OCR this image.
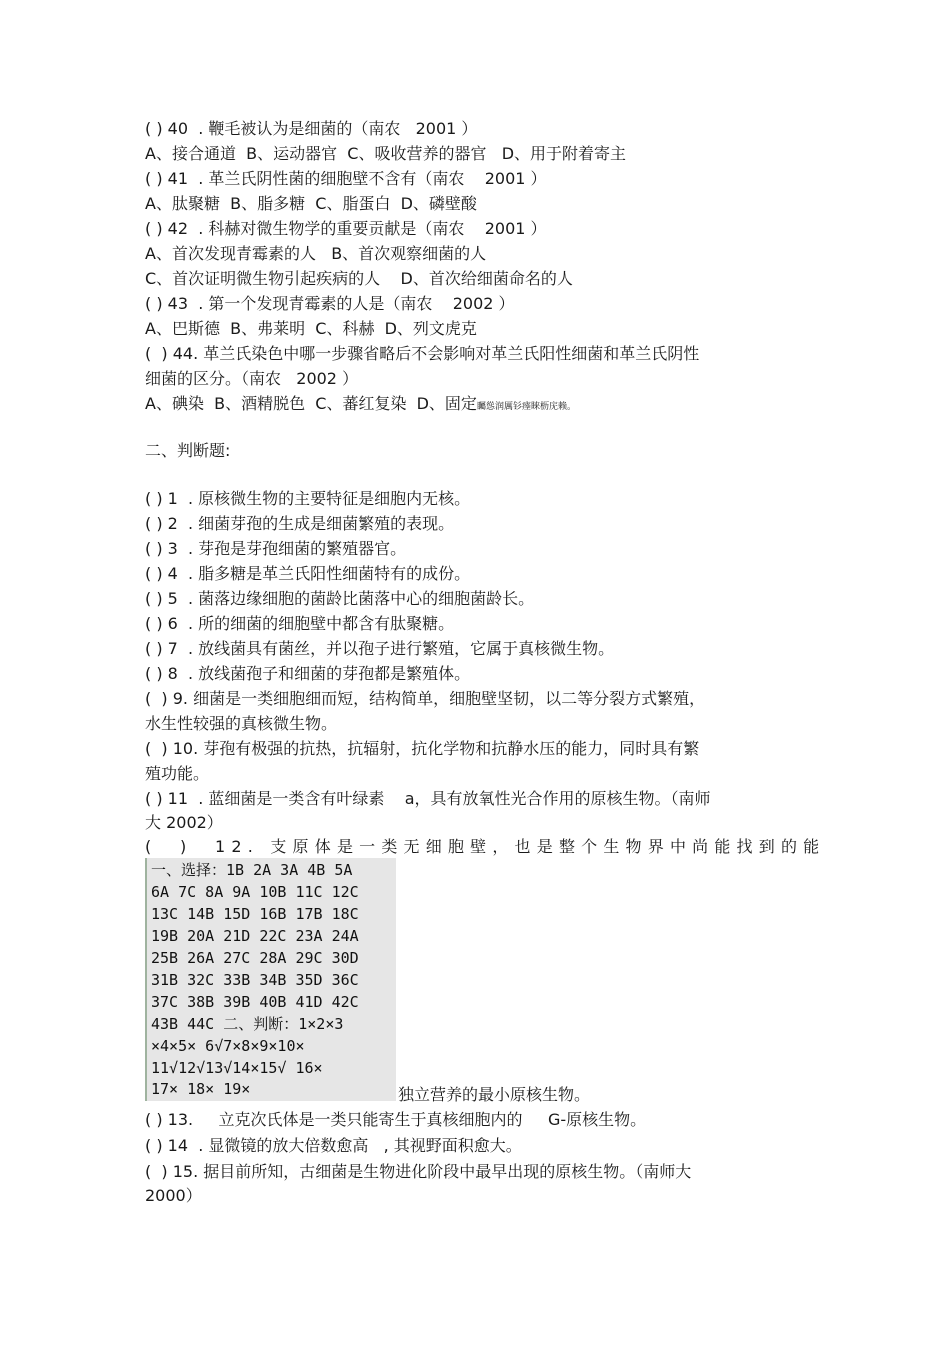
( ) 40  . 鞭毛被认为是细菌的（南农   2001 ）
A、接合通道  B、运动器官  C、吸收营养的器官   D、用于附着寄主
( ) 41  . 革兰氏阴性菌的细胞壁不含有（南农    2001 ）
A、肽聚糖  B、脂多糖  C、脂蛋白  D、磷壁酸
( ) 42  . 科赫对微生物学的重要贡献是（南农    2001 ）
A、首次发现青霉素的人   B、首次观察细菌的人
C、首次证明微生物引起疾病的人    D、首次给细菌命名的人
( ) 43  . 第一个发现青霉素的人是（南农    2002 ）
A、巴斯德  B、弗莱明  C、科赫  D、列文虎克
(  ) 44. 革兰氏染色中哪一步骤省略后不会影响对革兰氏阳性细菌和革兰氏阴性
细菌的区分。（南农   2002 ）
A、碘染  B、酒精脱色  C、蕃红复染  D、固定矚慫润厲钐瘗睞枥庑赖。
二、判断题:
( ) 1  . 原核微生物的主要特征是细胞内无核。
( ) 2  . 细菌芽孢的生成是细菌繁殖的表现。
( ) 3  . 芽孢是芽孢细菌的繁殖器官。
( ) 4  . 脂多糖是革兰氏阳性细菌特有的成份。
( ) 5  . 菌落边缘细胞的菌龄比菌落中心的细胞菌龄长。
( ) 6  . 所的细菌的细胞壁中都含有肽聚糖。
( ) 7  . 放线菌具有菌丝，并以孢子进行繁殖，它属于真核微生物。
( ) 8  . 放线菌孢子和细菌的芽孢都是繁殖体。
(  ) 9. 细菌是一类细胞细而短，结构简单，细胞壁坚韧，以二等分裂方式繁殖，
水生性较强的真核微生物。
(  ) 10. 芽孢有极强的抗热，抗辐射，抗化学物和抗静水压的能力，同时具有繁
殖功能。
( ) 11  . 蓝细菌是一类含有叶绿素    a，具有放氧性光合作用的原核生物。（南师
大 2002）
(  )  12. 支原体是一类无细胞壁，也是整个生物界中尚能找到的能
一、选择：1B 2A 3A 4B 5A
6A 7C 8A 9A 10B 11C 12C
13C 14B 15D 16B 17B 18C
19B 20A 21D 22C 23A 24A
25B 26A 27C 28A 29C 30D
31B 32C 33B 34B 35D 36C
37C 38B 39B 40B 41D 42C
43B 44C 二、判断：1×2×3
×4×5× 6√7×8×9×10×
11√12√13√14×15√ 16×
17× 18× 19×	独立营养的最小原核生物。
( ) 13.     立克次氏体是一类只能寄生于真核细胞内的     G-原核生物。
( ) 14  . 显微镜的放大倍数愈高   , 其视野面积愈大。
(  ) 15. 据目前所知，古细菌是生物进化阶段中最早出现的原核生物。（南师大
2000）
